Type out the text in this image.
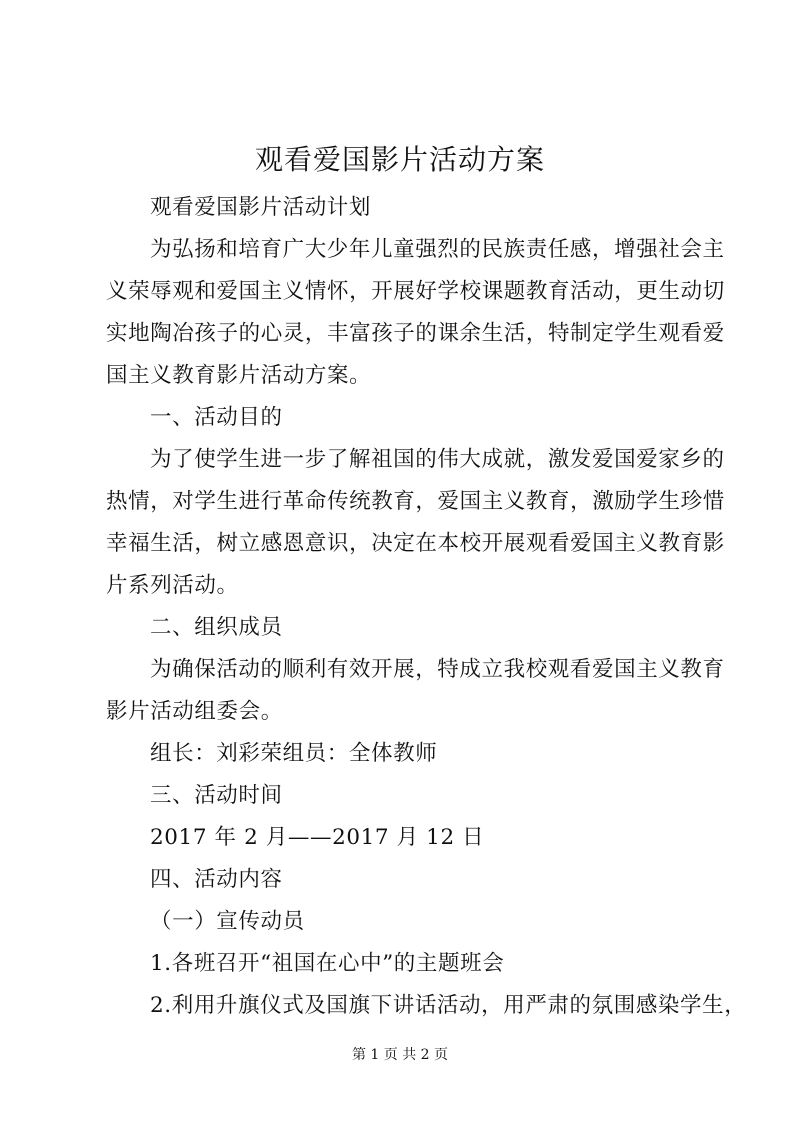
观看爱国影片活动方案
观看爱国影片活动计划
为弘扬和培育广大少年儿童强烈的民族责任感，增强社会主
义荣辱观和爱国主义情怀，开展好学校课题教育活动，更生动切
实地陶冶孩子的心灵，丰富孩子的课余生活，特制定学生观看爱
国主义教育影片活动方案。
一、活动目的
为了使学生进一步了解祖国的伟大成就，激发爱国爱家乡的
热情，对学生进行革命传统教育，爱国主义教育，激励学生珍惜
幸福生活，树立感恩意识，决定在本校开展观看爱国主义教育影
片系列活动。
二、组织成员
为确保活动的顺利有效开展，特成立我校观看爱国主义教育
影片活动组委会。
组长：刘彩荣组员：全体教师
三、活动时间
2017 年 2 月——2017 月 12 日
四、活动内容
（一）宣传动员
1.各班召开“祖国在心中”的主题班会
2.利用升旗仪式及国旗下讲话活动，用严肃的氛围感染学生，
第 1 页 共 2 页
